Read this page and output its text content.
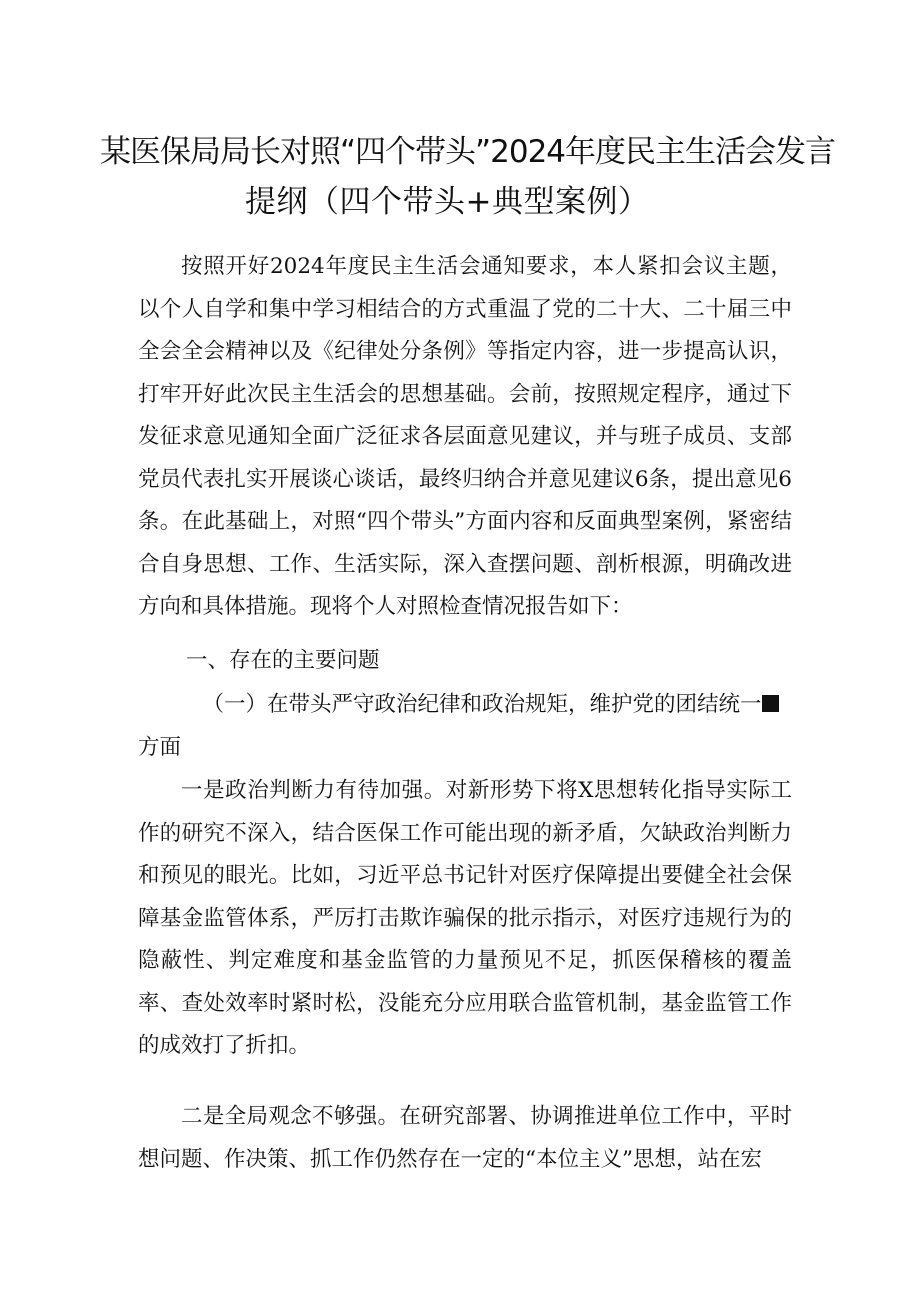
某医保局局长对照“四个带头”2024年度民主生活会发言
提纲（四个带头+典型案例）

按照开好2024年度民主生活会通知要求，本人紧扣会议主题，以个人自学和集中学习相结合的方式重温了党的二十大、二十届三中全会全会精神以及《纪律处分条例》等指定内容，进一步提高认识，打牢开好此次民主生活会的思想基础。会前，按照规定程序，通过下发征求意见通知全面广泛征求各层面意见建议，并与班子成员、支部党员代表扎实开展谈心谈话，最终归纳合并意见建议6条，提出意见6条。在此基础上，对照“四个带头”方面内容和反面典型案例，紧密结合自身思想、工作、生活实际，深入查摆问题、剖析根源，明确改进方向和具体措施。现将个人对照检查情况报告如下：

一、存在的主要问题
（一）在带头严守政治纪律和政治规矩，维护党的团结统一方面

一是政治判断力有待加强。对新形势下将X思想转化指导实际工作的研究不深入，结合医保工作可能出现的新矛盾，欠缺政治判断力和预见的眼光。比如，习近平总书记针对医疗保障提出要健全社会保障基金监管体系，严厉打击欺诈骗保的批示指示，对医疗违规行为的隐蔽性、判定难度和基金监管的力量预见不足，抓医保稽核的覆盖率、查处效率时紧时松，没能充分应用联合监管机制，基金监管工作的成效打了折扣。

二是全局观念不够强。在研究部署、协调推进单位工作中，平时想问题、作决策、抓工作仍然存在一定的“本位主义”思想，站在宏
